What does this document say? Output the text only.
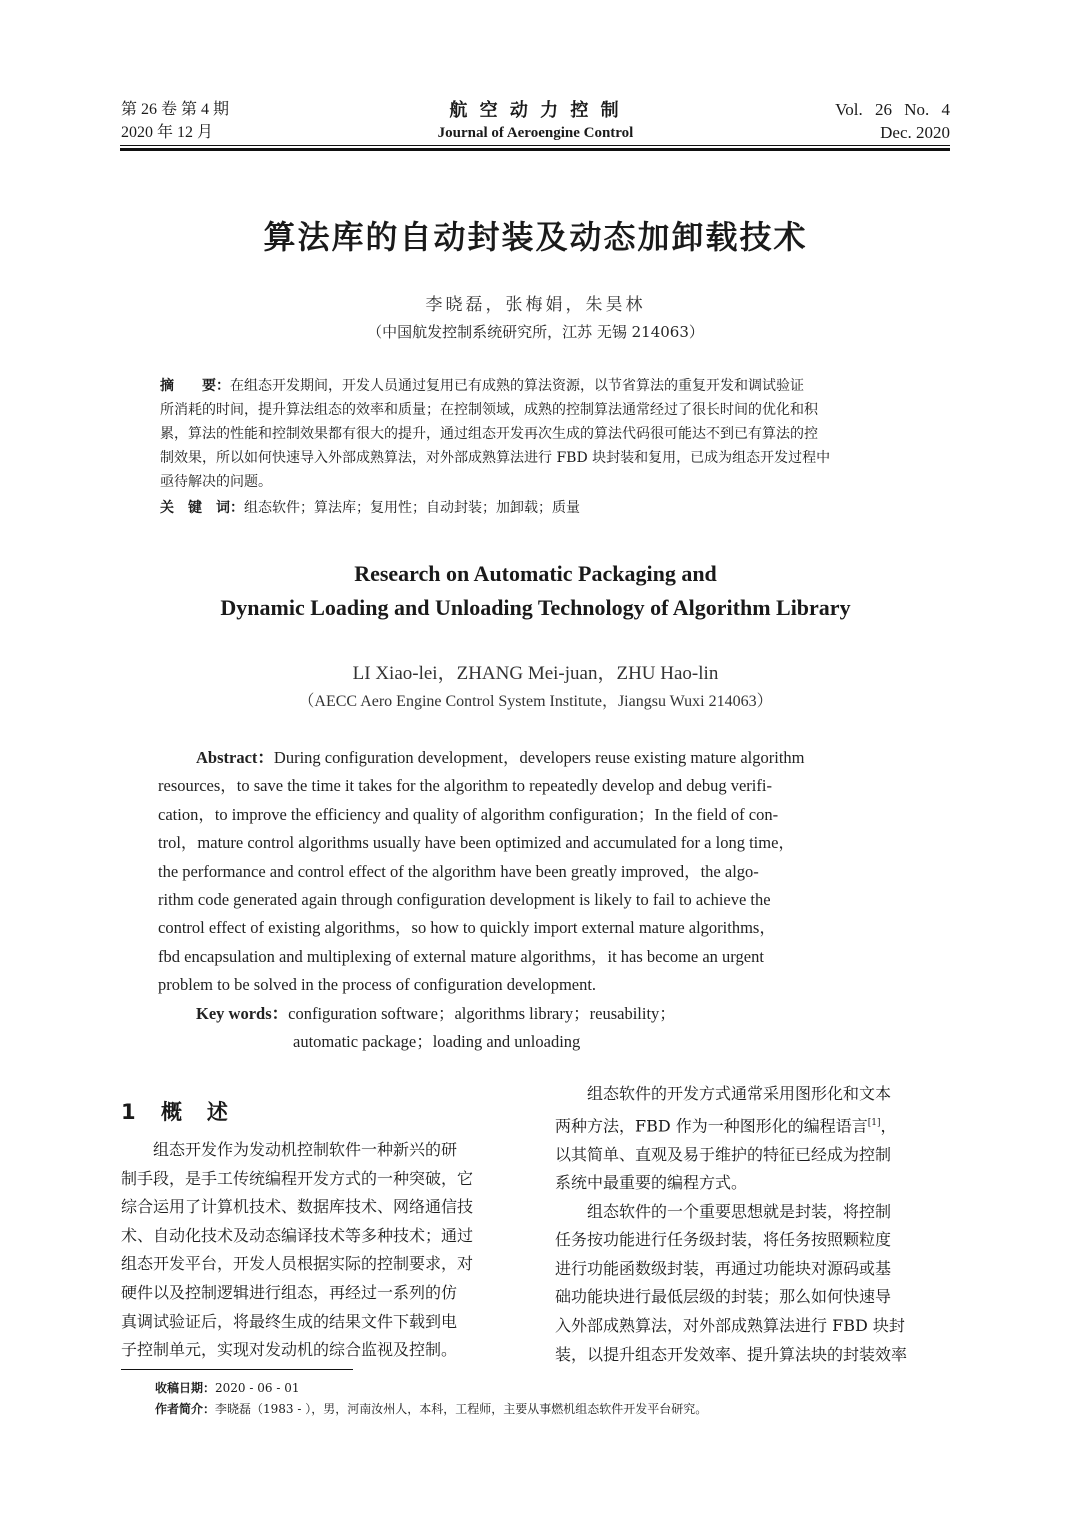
第 26 卷 第 4 期
2020 年 12 月
航 空 动 力 控 制
Journal of Aeroengine Control
Vol. 26 No. 4
Dec. 2020
算法库的自动封装及动态加卸载技术
李晓磊，张梅娟，朱昊林
（中国航发控制系统研究所，江苏 无锡 214063）
摘　　要：在组态开发期间，开发人员通过复用已有成熟的算法资源，以节省算法的重复开发和调试验证
所消耗的时间，提升算法组态的效率和质量；在控制领域，成熟的控制算法通常经过了很长时间的优化和积
累，算法的性能和控制效果都有很大的提升，通过组态开发再次生成的算法代码很可能达不到已有算法的控
制效果，所以如何快速导入外部成熟算法，对外部成熟算法进行 FBD 块封装和复用，已成为组态开发过程中
亟待解决的问题。
关　键　词：组态软件；算法库；复用性；自动封装；加卸载；质量
Research on Automatic Packaging and
Dynamic Loading and Unloading Technology of Algorithm Library
LI Xiao-lei，ZHANG Mei-juan，ZHU Hao-lin
（AECC Aero Engine Control System Institute，Jiangsu Wuxi 214063）

Abstract：During configuration development，developers reuse existing mature algorithm

resources，to save the time it takes for the algorithm to repeatedly develop and debug verifi-

cation，to improve the efficiency and quality of algorithm configuration；In the field of con-

trol，mature control algorithms usually have been optimized and accumulated for a long time，

the performance and control effect of the algorithm have been greatly improved，the algo-

rithm code generated again through configuration development is likely to fail to achieve the

control effect of existing algorithms，so how to quickly import external mature algorithms，

fbd encapsulation and multiplexing of external mature algorithms，it has become an urgent

problem to be solved in the process of configuration development.

Key words：configuration software；algorithms library；reusability；

automatic package；loading and unloading

1 概　述
组态开发作为发动机控制软件一种新兴的研
制手段，是手工传统编程开发方式的一种突破，它
综合运用了计算机技术、数据库技术、网络通信技
术、自动化技术及动态编译技术等多种技术；通过
组态开发平台，开发人员根据实际的控制要求，对
硬件以及控制逻辑进行组态，再经过一系列的仿
真调试验证后，将最终生成的结果文件下载到电
子控制单元，实现对发动机的综合监视及控制。
组态软件的开发方式通常采用图形化和文本
两种方法，FBD 作为一种图形化的编程语言[1]，
以其简单、直观及易于维护的特征已经成为控制
系统中最重要的编程方式。
组态软件的一个重要思想就是封装，将控制
任务按功能进行任务级封装，将任务按照颗粒度
进行功能函数级封装，再通过功能块对源码或基
础功能块进行最低层级的封装；那么如何快速导
入外部成熟算法，对外部成熟算法进行 FBD 块封
装，以提升组态开发效率、提升算法块的封装效率
收稿日期：2020 - 06 - 01
作者简介：李晓磊（1983 - ），男，河南汝州人，本科，工程师，主要从事燃机组态软件开发平台研究。
